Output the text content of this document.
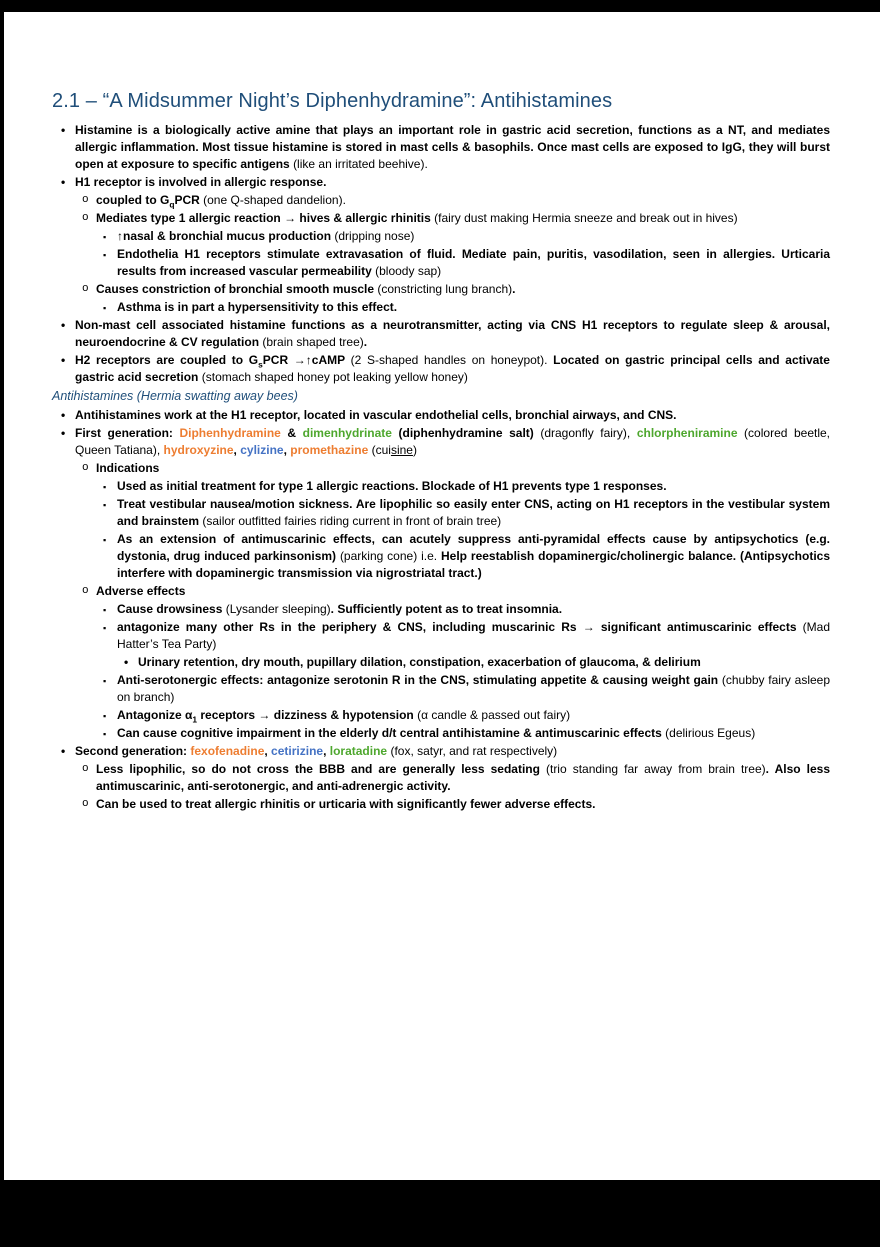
2.1 – “A Midsummer Night’s Diphenhydramine”: Antihistamines
• Histamine is a biologically active amine that plays an important role in gastric acid secretion, functions as a NT, and mediates allergic inflammation. Most tissue histamine is stored in mast cells & basophils. Once mast cells are exposed to IgG, they will burst open at exposure to specific antigens (like an irritated beehive).
• H1 receptor is involved in allergic response.
o coupled to $G_qPCR$ (one Q-shaped dandelion).
o Mediates type 1 allergic reaction → hives & allergic rhinitis (fairy dust making Hermia sneeze and break out in hives)
▪ ↑nasal & bronchial mucus production (dripping nose)
▪ Endothelia H1 receptors stimulate extravasation of fluid. Mediate pain, puritis, vasodilation, seen in allergies. Urticaria results from increased vascular permeability (bloody sap)
o Causes constriction of bronchial smooth muscle (constricting lung branch).
▪ Asthma is in part a hypersensitivity to this effect.
• Non-mast cell associated histamine functions as a neurotransmitter, acting via CNS H1 receptors to regulate sleep & arousal, neuroendocrine & CV regulation (brain shaped tree).
• H2 receptors are coupled to $G_sPCR$ →↑cAMP (2 S-shaped handles on honeypot). Located on gastric principal cells and activate gastric acid secretion (stomach shaped honey pot leaking yellow honey)
Antihistamines (Hermia swatting away bees)
• Antihistamines work at the H1 receptor, located in vascular endothelial cells, bronchial airways, and CNS.
• First generation: Diphenhydramine & dimenhydrinate (diphenhydramine salt) (dragonfly fairy), chlorpheniramine (colored beetle, Queen Tatiana), hydroxyzine, cylizine, promethazine (cuisine)
o Indications
▪ Used as initial treatment for type 1 allergic reactions. Blockade of H1 prevents type 1 responses.
▪ Treat vestibular nausea/motion sickness. Are lipophilic so easily enter CNS, acting on H1 receptors in the vestibular system and brainstem (sailor outfitted fairies riding current in front of brain tree)
▪ As an extension of antimuscarinic effects, can acutely suppress anti-pyramidal effects cause by antipsychotics (e.g. dystonia, drug induced parkinsonism) (parking cone) i.e. Help reestablish dopaminergic/cholinergic balance. (Antipsychotics interfere with dopaminergic transmission via nigrostriatal tract.)
o Adverse effects
▪ Cause drowsiness (Lysander sleeping). Sufficiently potent as to treat insomnia.
▪ antagonize many other Rs in the periphery & CNS, including muscarinic Rs → significant antimuscarinic effects (Mad Hatter’s Tea Party)
• Urinary retention, dry mouth, pupillary dilation, constipation, exacerbation of glaucoma, & delirium
▪ Anti-serotonergic effects: antagonize serotonin R in the CNS, stimulating appetite & causing weight gain (chubby fairy asleep on branch)
▪ Antagonize $\alpha_1$ receptors → dizziness & hypotension (α candle & passed out fairy)
▪ Can cause cognitive impairment in the elderly d/t central antihistamine & antimuscarinic effects (delirious Egeus)
• Second generation: fexofenadine, cetirizine, loratadine (fox, satyr, and rat respectively)
o Less lipophilic, so do not cross the BBB and are generally less sedating (trio standing far away from brain tree). Also less antimuscarinic, anti-serotonergic, and anti-adrenergic activity.
o Can be used to treat allergic rhinitis or urticaria with significantly fewer adverse effects.
